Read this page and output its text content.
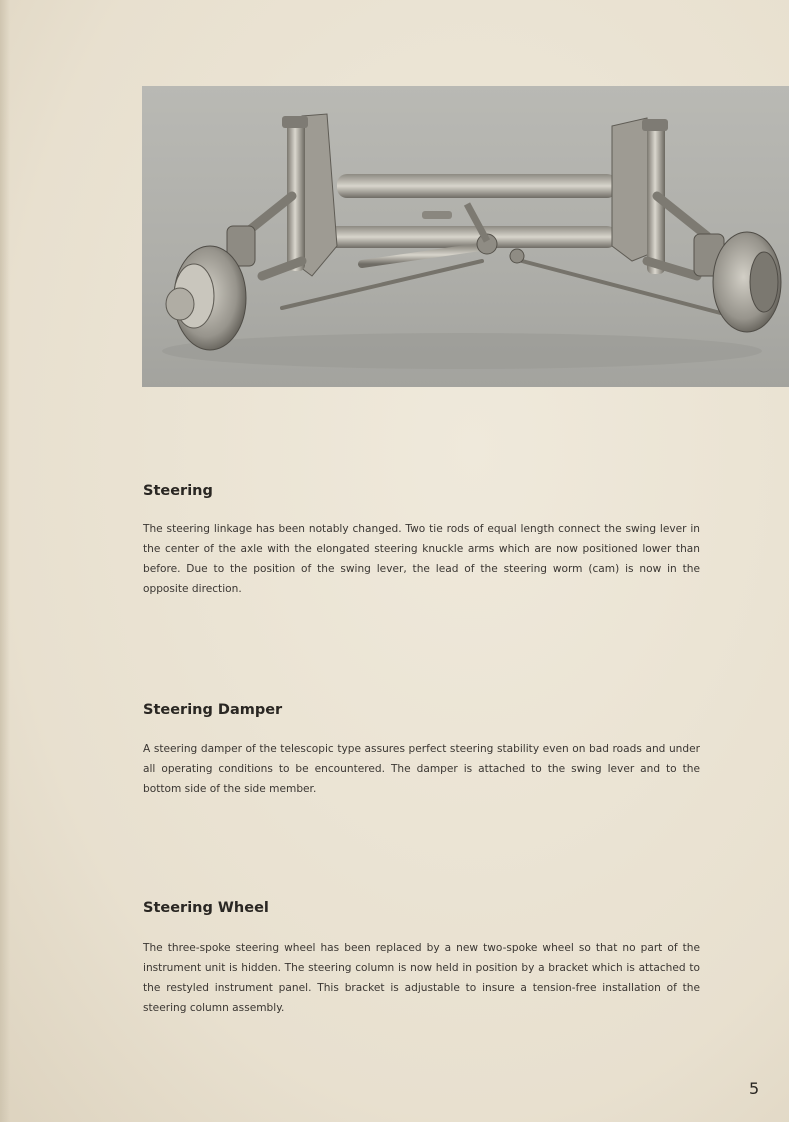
Steering

The steering linkage has been notably changed. Two tie rods of equal length connect the swing lever in the center of the axle with the elongated steering knuckle arms which are now positioned lower than before. Due to the position of the swing lever, the lead of the steering worm (cam) is now in the opposite direction.

Steering Damper

A steering damper of the telescopic type assures perfect steering stability even on bad roads and under all operating conditions to be encountered. The damper is attached to the swing lever and to the bottom side of the side member.

Steering Wheel

The three-spoke steering wheel has been replaced by a new two-spoke wheel so that no part of the instrument unit is hidden. The steering column is now held in position by a bracket which is attached to the restyled instrument panel. This bracket is adjustable to insure a tension-free installation of the steering column assembly.

5
